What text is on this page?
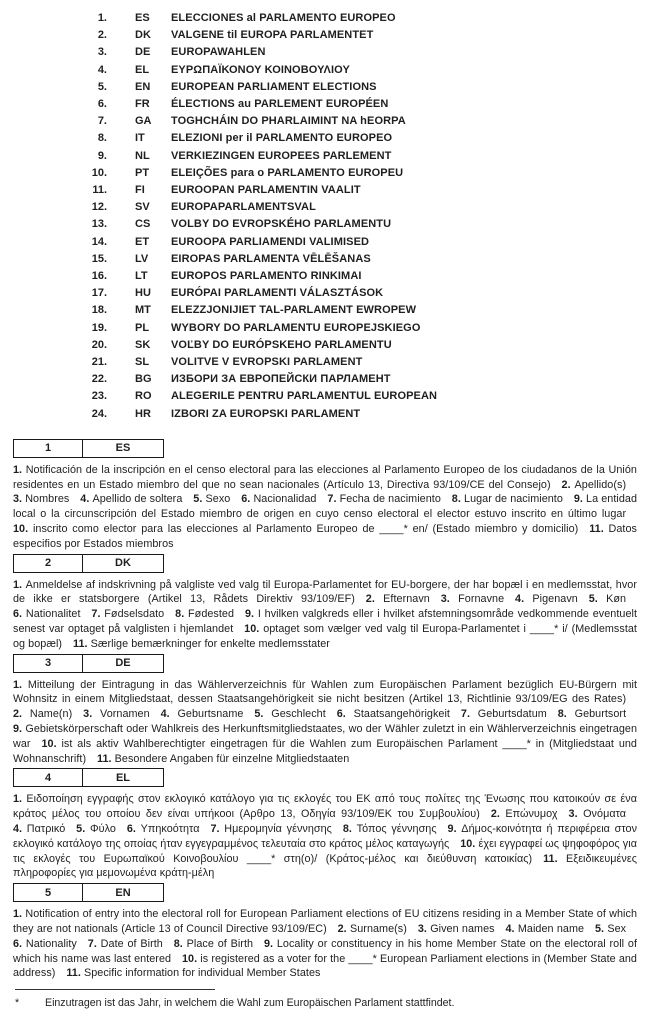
1.	ES	ELECCIONES al PARLAMENTO EUROPEO
2.	DK	VALGENE til EUROPA PARLAMENTET
3.	DE	EUROPAWAHLEN
4.	EL	ΕΥΡΩΠΑΪΚΟΝΟΥ ΚΟΙΝΟΒΟΥΛΙΟΥ
5.	EN	EUROPEAN PARLIAMENT ELECTIONS
6.	FR	ÉLECTIONS au PARLEMENT EUROPÉEN
7.	GA	TOGHCHÁIN DO PHARLAIMINT NA hEORPA
8.	IT	ELEZIONI per il PARLAMENTO EUROPEO
9.	NL	VERKIEZINGEN EUROPEES PARLEMENT
10.	PT	ELEIÇÕES para o PARLAMENTO EUROPEU
11.	FI	EUROOPAN PARLAMENTIN VAALIT
12.	SV	EUROPAPARLAMENTSVAL
13.	CS	VOLBY DO EVROPSKÉHO PARLAMENTU
14.	ET	EUROOPA PARLIAMENDI VALIMISED
15.	LV	EIROPAS PARLAMENTA VĒLĒŠANAS
16.	LT	EUROPOS PARLAMENTO RINKIMAI
17.	HU	EURÓPAI PARLAMENTI VÁLASZTÁSOK
18.	MT	ELEZZJONIJIET TAL-PARLAMENT EWROPEW
19.	PL	WYBORY DO PARLAMENTU EUROPEJSKIEGO
20.	SK	VOĽBY DO EURÓPSKEHO PARLAMENTU
21.	SL	VOLITVE V EVROPSKI PARLAMENT
22.	BG	ИЗБОРИ ЗА ЕВРОПЕЙСКИ ПАРЛАМЕНТ
23.	RO	ALEGERILE PENTRU PARLAMENTUL EUROPEAN
24.	HR	IZBORI ZA EUROPSKI PARLAMENT
1	ES

1. Notificación de la inscripción en el censo electoral para las elecciones al Parlamento Europeo de los ciudadanos de la Unión residentes en un Estado miembro del que no sean nacionales (Artículo 13, Directiva 93/109/CE del Consejo)   2. Apellido(s)  3. Nombres   4. Apellido de soltera   5. Sexo   6. Nacionalidad   7. Fecha de nacimiento   8. Lugar de nacimiento   9. La entidad local o la circunscripción del Estado miembro de origen en cuyo censo electoral el elector estuvo inscrito en último lugar  10. inscrito como elector para las elecciones al Parlamento Europeo de ____* en/ (Estado miembro y domicilio)   11. Datos especifios por Estados miembros

2	DK

1. Anmeldelse af indskrivning på valgliste ved valg til Europa-Parlamentet for EU-borgere, der har bopæl i en medlemsstat, hvor de ikke er statsborgere (Artikel 13, Rådets Direktiv 93/109/EF)   2. Efternavn   3. Fornavne   4. Pigenavn   5. Køn  6. Nationalitet   7. Fødselsdato   8. Fødested   9. I hvilken valgkreds eller i hvilket afstemningsområde vedkommende eventuelt senest var optaget på valglisten i hjemlandet   10. optaget som vælger ved valg til Europa-Parlamentet i ____* i/ (Medlemsstat og bopæl)   11. Særlige bemærkninger for enkelte medlemsstater

3	DE

1. Mitteilung der Eintragung in das Wählerverzeichnis für Wahlen zum Europäischen Parlament bezüglich EU-Bürgern mit Wohnsitz in einem Mitgliedstaat, dessen Staatsangehörigkeit sie nicht besitzen (Artikel 13, Richtlinie 93/109/EG des Rates)  2. Name(n)   3. Vornamen   4. Geburtsname   5. Geschlecht   6. Staatsangehörigkeit   7. Geburtsdatum   8. Geburtsort  9. Gebietskörperschaft oder Wahlkreis des Herkunftsmitgliedstaates, wo der Wähler zuletzt in ein Wählerverzeichnis eingetragen war   10. ist als aktiv Wahlberechtigter eingetragen für die Wahlen zum Europäischen Parlament ____* in (Mitgliedstaat und Wohnanschrift)   11. Besondere Angaben für einzelne Mitgliedstaaten

4	EL

1. Ειδοποίηση εγγραφής στον εκλογικό κατάλογο για τις εκλογές του ΕΚ από τους πολίτες της Ένωσης που κατοικούν σε ένα κράτος μέλος του οποίου δεν είναι υπήκοοι (Αρθρο 13, Οδηγία 93/109/ΕΚ του Συμβουλίου)   2. Επώνυμοχ   3. Ονόματα  4. Πατρικό   5. Φύλο   6. Υπηκοότητα   7. Ημερομηνία γέννησης   8. Τόπος γέννησης   9. Δήμος-κοινότητα ή περιφέρεια στον εκλογικό κατάλογο της οποίας ήταν εγγεγραμμένος τελευταία στο κράτος μέλος καταγωγής   10. έχει εγγραφεί ως ψηφοφόρος για τις εκλογές του Ευρωπαϊκού Κοινοβουλίου ____* στη(ο)/ (Κράτος-μέλος και διεύθυνση κατοικίας)   11. Εξειδικευμένες πληροφορίες για μεμονωμένα κράτη-μέλη

5	EN

1. Notification of entry into the electoral roll for European Parliament elections of EU citizens residing in a Member State of which they are not nationals (Article 13 of Council Directive 93/109/EC)   2. Surname(s)   3. Given names   4. Maiden name   5. Sex  6. Nationality   7. Date of Birth   8. Place of Birth   9. Locality or constituency in his home Member State on the electoral roll of which his name was last entered   10. is registered as a voter for the ____* European Parliament elections in (Member State and address)   11. Specific information for individual Member States

*	Einzutragen ist das Jahr, in welchem die Wahl zum Europäischen Parlament stattfindet.
